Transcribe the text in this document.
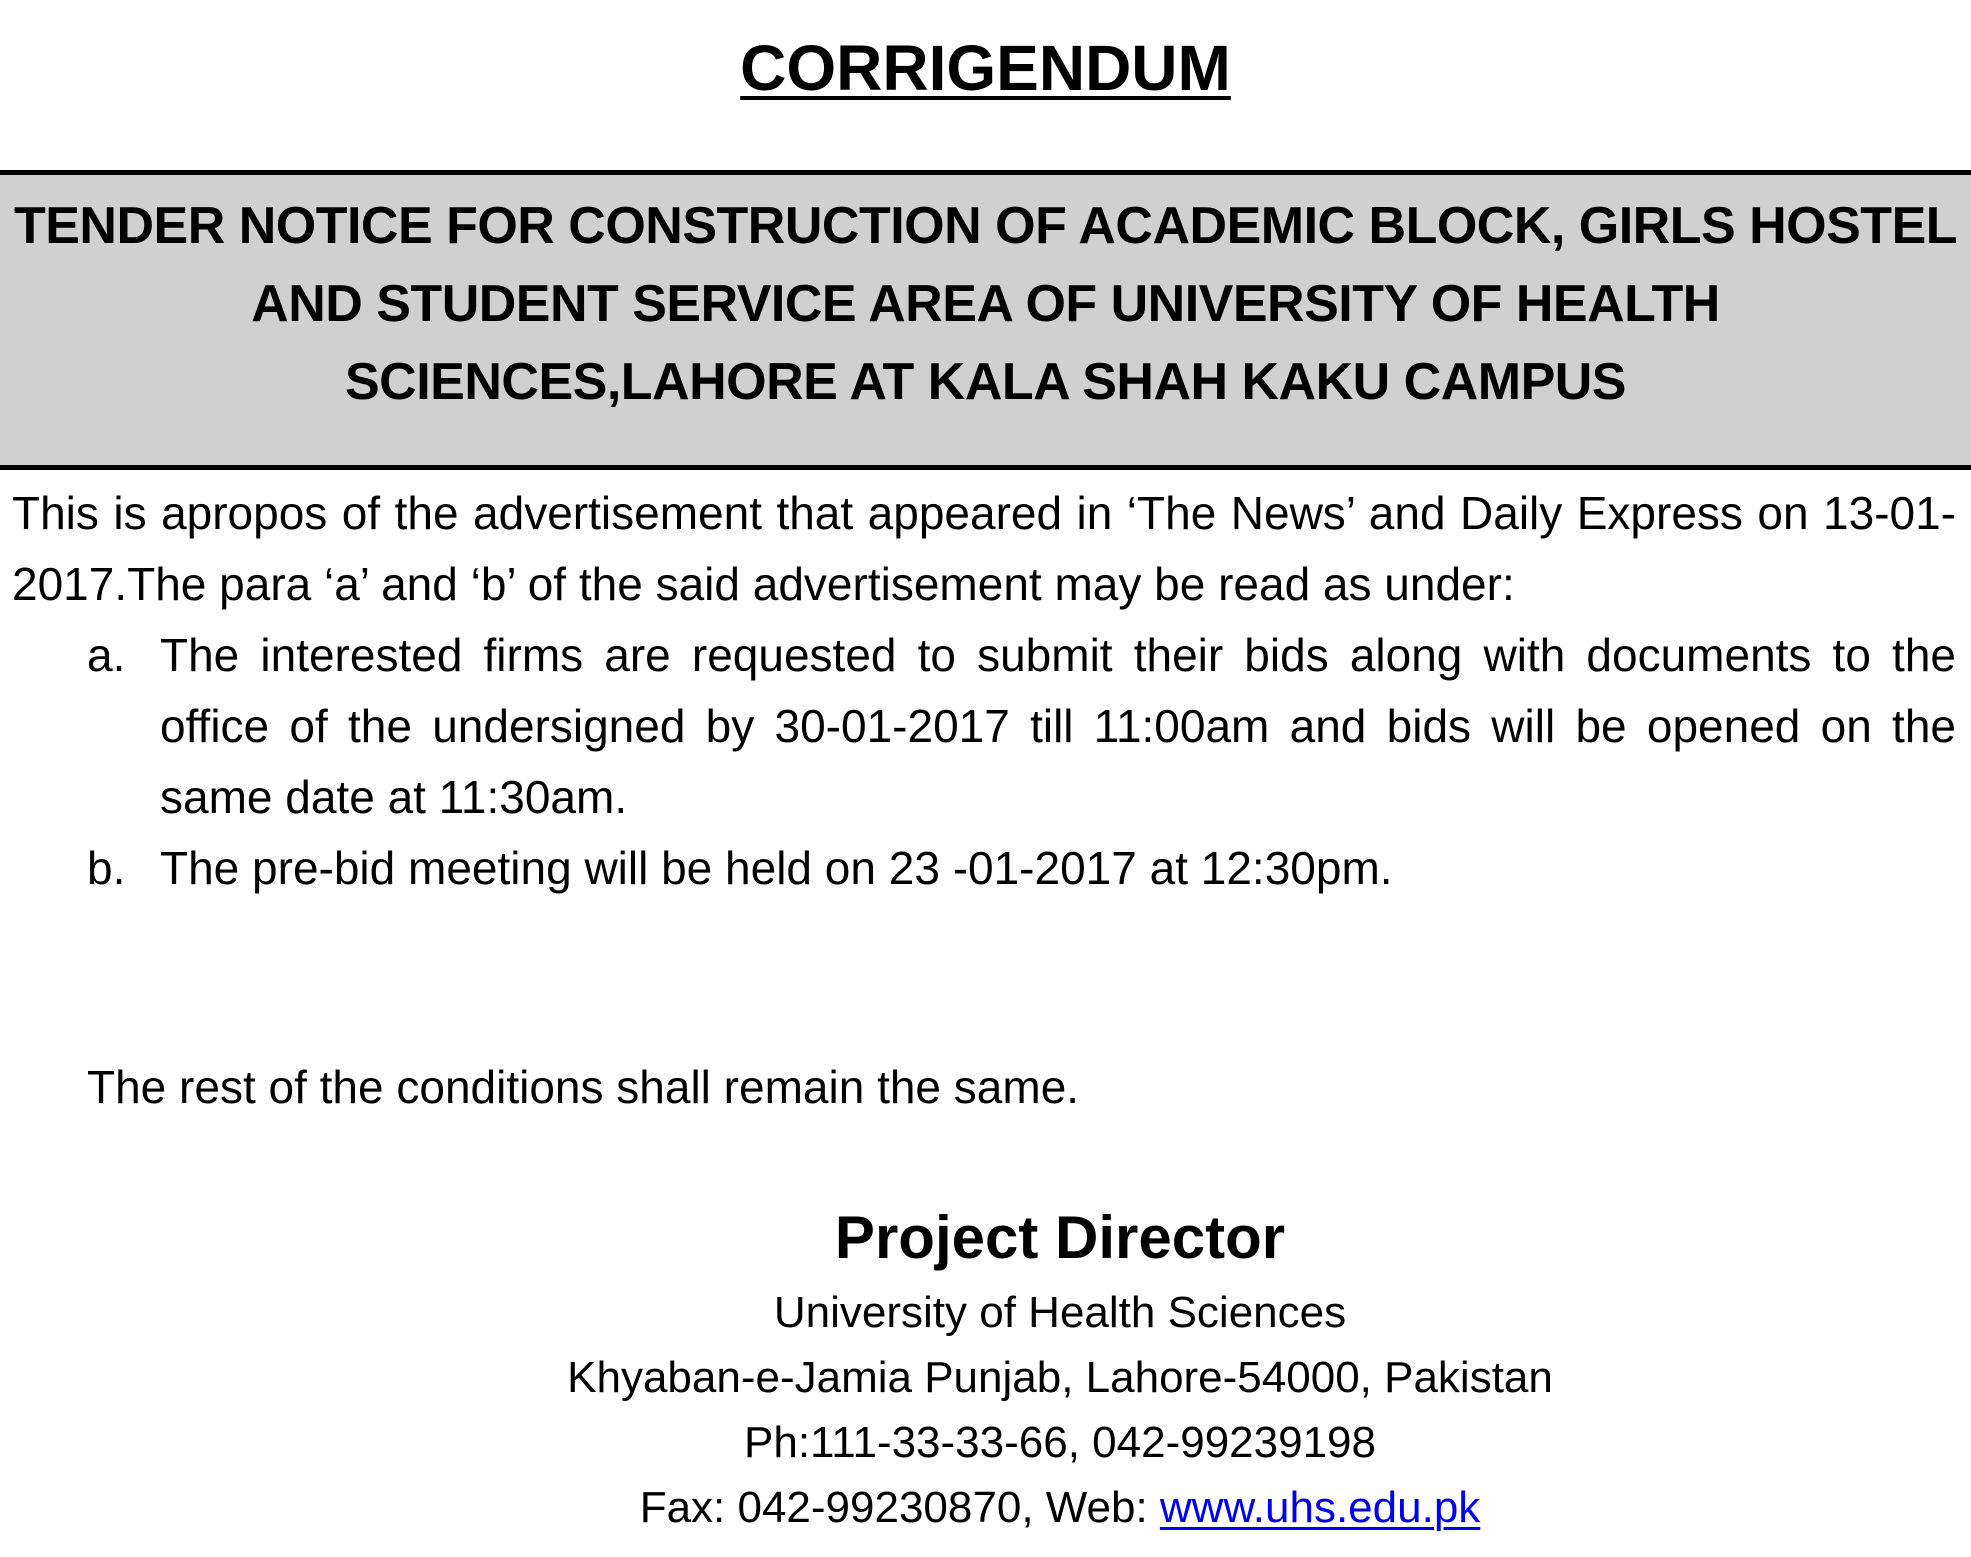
CORRIGENDUM
TENDER NOTICE FOR CONSTRUCTION OF ACADEMIC BLOCK, GIRLS HOSTEL AND STUDENT SERVICE AREA OF UNIVERSITY OF HEALTH SCIENCES,LAHORE AT KALA SHAH KAKU CAMPUS

This is apropos of the advertisement that appeared in ‘The News’ and Daily Express on 13-01-2017.The para ‘a’ and ‘b’ of the said advertisement may be read as under:

a. The interested firms are requested to submit their bids along with documents to the office of the undersigned by 30-01-2017 till 11:00am and bids will be opened on the same date at 11:30am.
b. The pre-bid meeting will be held on 23 -01-2017 at 12:30pm.
The rest of the conditions shall remain the same.
Project Director
University of Health Sciences
Khyaban-e-Jamia Punjab, Lahore-54000, Pakistan
Ph:111-33-33-66, 042-99239198
Fax: 042-99230870, Web: www.uhs.edu.pk
